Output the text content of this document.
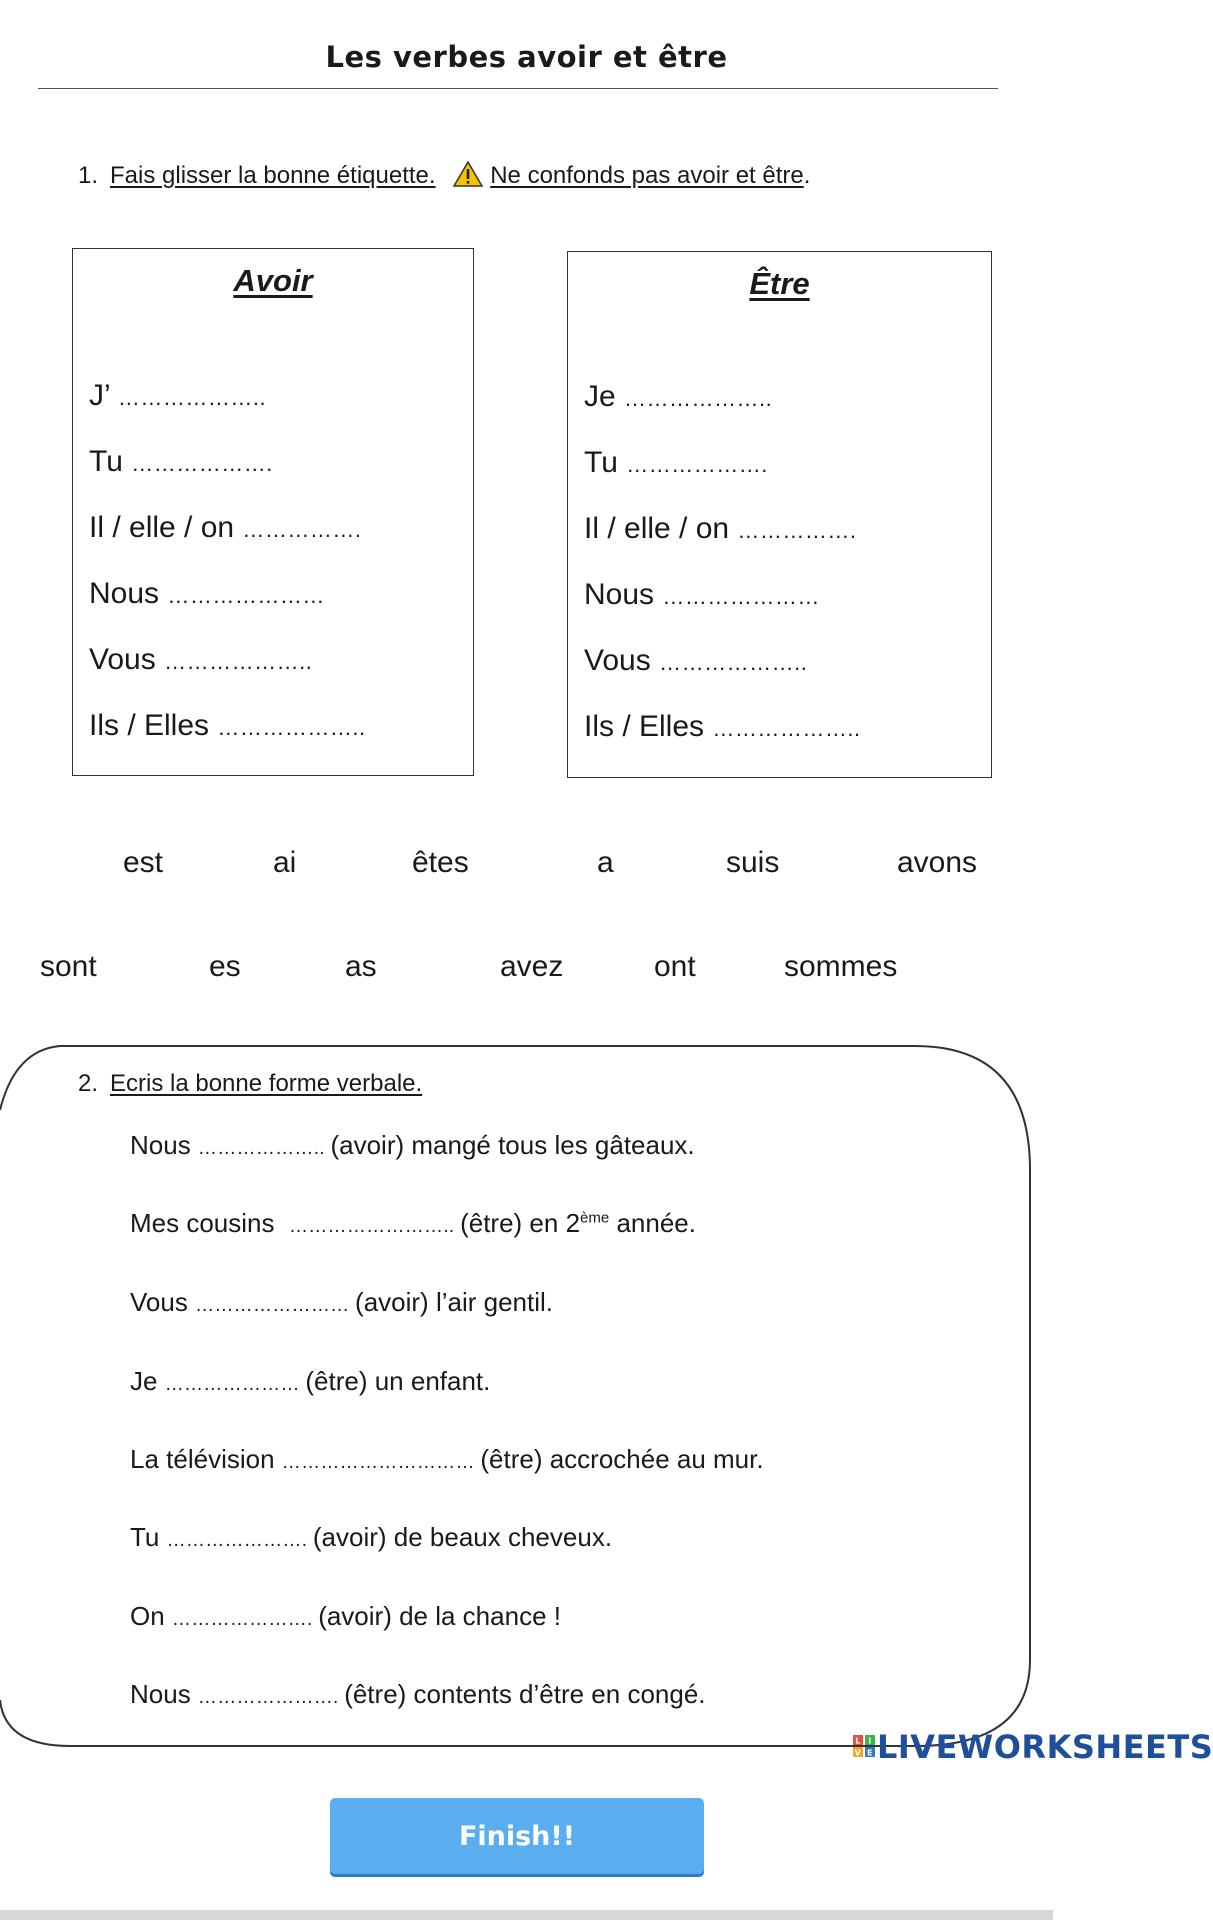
Les verbes avoir et être
1. Fais glisser la bonne étiquette. Ne confonds pas avoir et être.
Avoir
J’ ………………..
Tu ……………….
Il / elle / on …………….
Nous …………………
Vous ………………..
Ils / Elles ………………..
Être
Je ………………..
Tu ……………….
Il / elle / on …………….
Nous …………………
Vous ………………..
Ils / Elles ………………..
est	ai	êtes	a	suis	avons
sont	es	as	avez	ont	sommes
2. Ecris la bonne forme verbale.
Nous ……………….. (avoir) mangé tous les gâteaux.
Mes cousins  …………………….. (être) en 2ème année.
Vous …………………… (avoir) l’air gentil.
Je ………………… (être) un enfant.
La télévision ………………………… (être) accrochée au mur.
Tu …………………. (avoir) de beaux cheveux.
On …………………. (avoir) de la chance !
Nous …………………. (être) contents d’être en congé.
L I
V E LIVEWORKSHEETS
Finish!!
